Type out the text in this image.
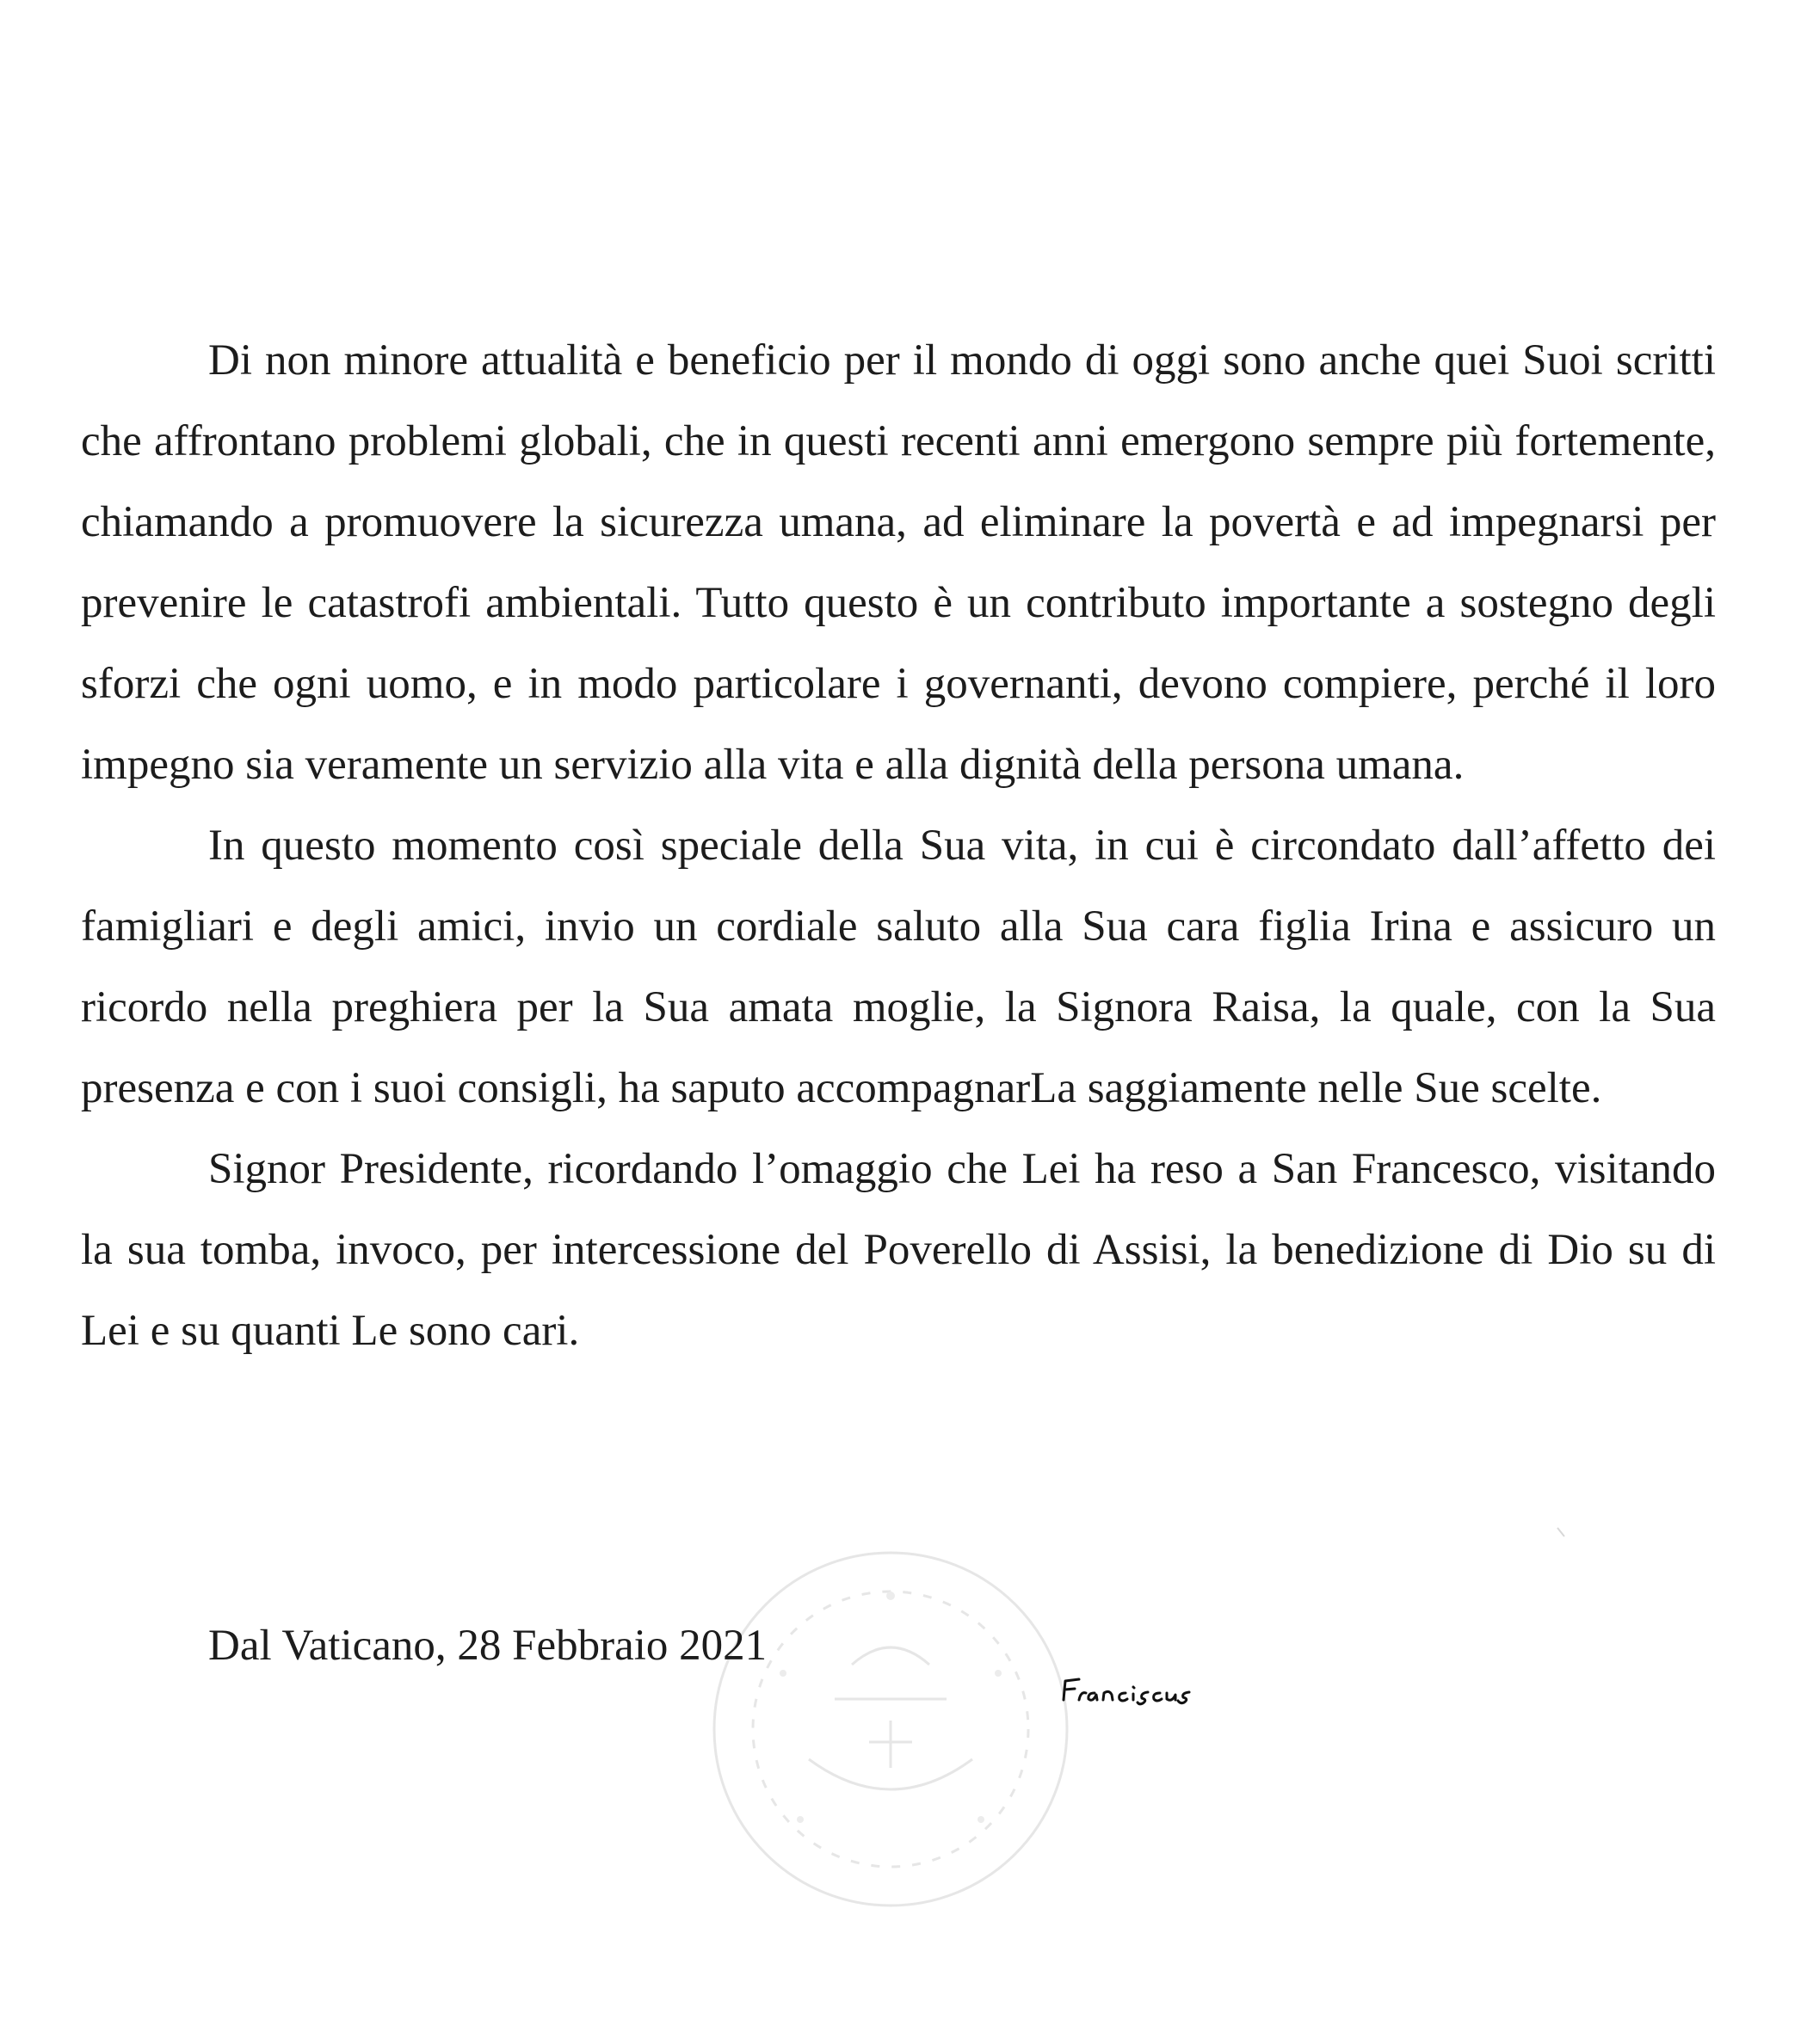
Di non minore attualità e beneficio per il mondo di oggi sono anche quei Suoi scritti che affrontano problemi globali, che in questi recenti anni emergono sempre più fortemente, chiamando a promuovere la sicurezza umana, ad eliminare la povertà e ad impegnarsi per prevenire le catastrofi ambientali. Tutto questo è un contributo importante a sostegno degli sforzi che ogni uomo, e in modo particolare i governanti, devono compiere, perché il loro impegno sia veramente un servizio alla vita e alla dignità della persona umana.

In questo momento così speciale della Sua vita, in cui è circondato dall’affetto dei famigliari e degli amici, invio un cordiale saluto alla Sua cara figlia Irina e assicuro un ricordo nella preghiera per la Sua amata moglie, la Signora Raisa, la quale, con la Sua presenza e con i suoi consigli, ha saputo accompagnarLa saggiamente nelle Sue scelte.

Signor Presidente, ricordando l’omaggio che Lei ha reso a San Francesco, visitando la sua tomba, invoco, per intercessione del Poverello di Assisi, la benedizione di Dio su di Lei e su quanti Le sono cari.

Dal Vaticano, 28 Febbraio 2021
